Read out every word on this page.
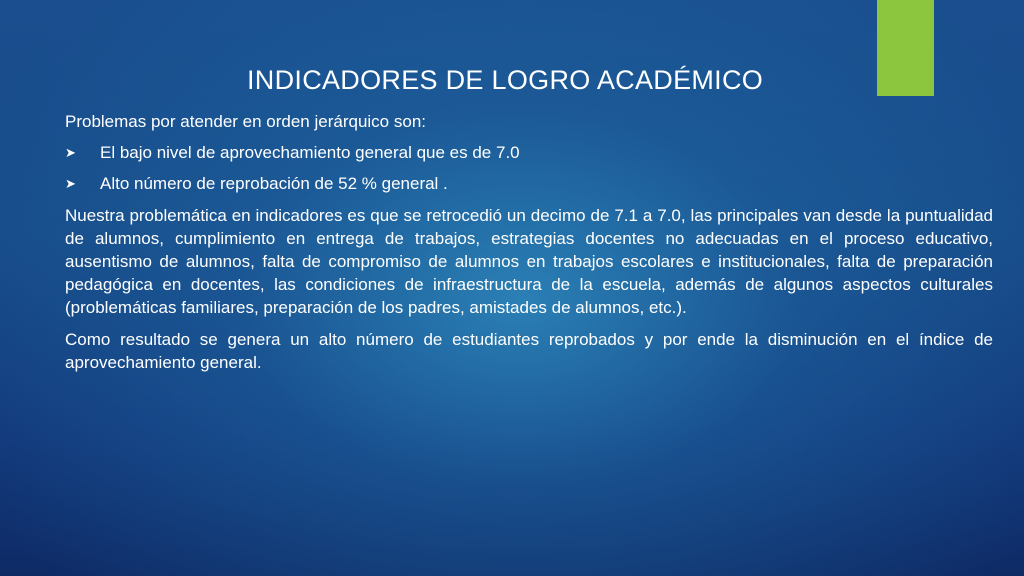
INDICADORES DE LOGRO ACADÉMICO

Problemas por atender en orden jerárquico son:

➤	El bajo nivel de aprovechamiento general que es de 7.0
➤	Alto número de reprobación de 52 % general .

Nuestra problemática en indicadores es que se retrocedió un decimo de 7.1 a 7.0, las principales van desde la puntualidad de alumnos, cumplimiento en entrega de trabajos, estrategias docentes no adecuadas en el proceso educativo, ausentismo de alumnos, falta de compromiso de alumnos en trabajos escolares e institucionales, falta de preparación pedagógica en docentes, las condiciones de infraestructura de la escuela, además de algunos aspectos culturales (problemáticas familiares, preparación de los padres, amistades de alumnos, etc.).

Como resultado se genera un alto número de estudiantes reprobados y por ende la disminución en el índice de aprovechamiento general.
